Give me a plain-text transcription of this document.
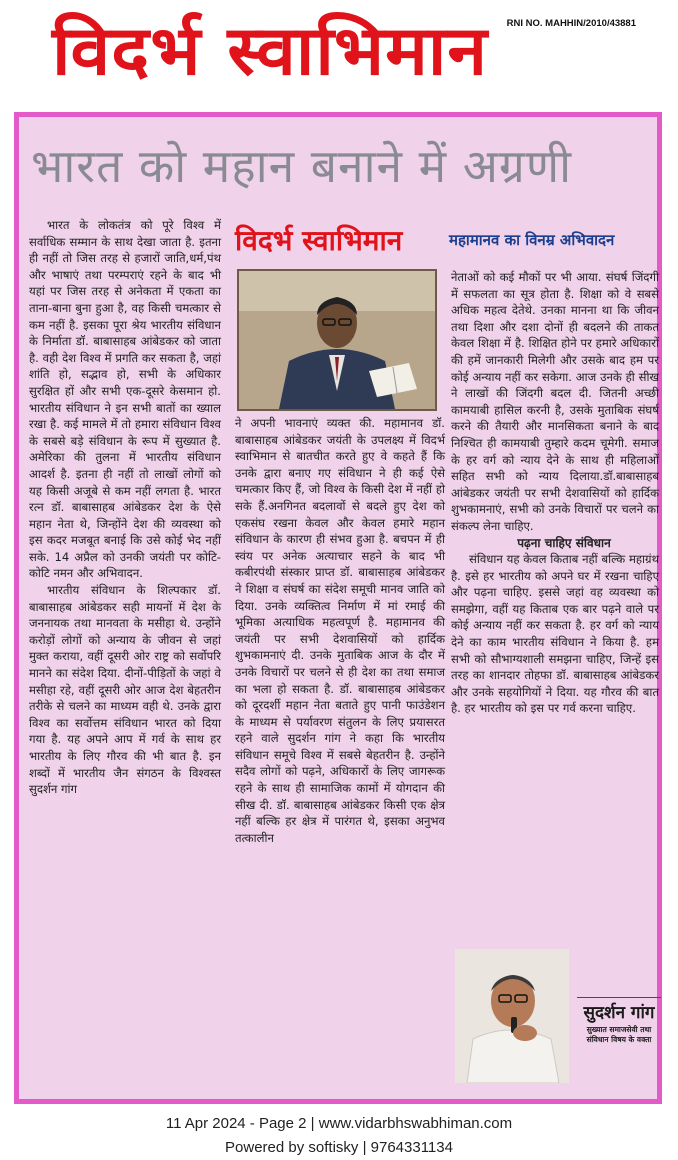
विदर्भ स्वाभिमान RNI NO. MAHHIN/2010/43881
भारत को महान बनाने में अग्रणी

भारत के लोकतंत्र को पूरे विश्व में सर्वाधिक सम्मान के साथ देखा जाता है. इतना ही नहीं तो जिस तरह से हजारों जाति,धर्म,पंथ और भाषाएं तथा परम्पराएं रहने के बाद भी यहां पर जिस तरह से अनेकता में एकता का ताना-बाना बुना हुआ है, वह किसी चमत्कार से कम नहीं है. इसका पूरा श्रेय भारतीय संविधान के निर्माता डॉ. बाबासाहब आंबेडकर को जाता है. वही देश विश्व में प्रगति कर सकता है, जहां शांति हो, सद्भाव हो, सभी के अधिकार सुरक्षित हों और सभी एक-दूसरे केसमान हो. भारतीय संविधान ने इन सभी बातों का ख्याल रखा है. कई मामले में तो हमारा संविधान विश्व के सबसे बड़े संविधान के रूप में सुख्यात है. अमेरिका की तुलना में भारतीय संविधान आदर्श है. इतना ही नहीं तो लाखों लोगों को यह किसी अजूबे से कम नहीं लगता है. भारत रत्न डॉ. बाबासाहब आंबेडकर देश के ऐसे महान नेता थे, जिन्होंने देश की व्यवस्था को इस कदर मजबूत बनाई कि उसे कोई भेद नहीं सके. 14 अप्रैल को उनकी जयंती पर कोटि-कोटि नमन और अभिवादन.

भारतीय संविधान के शिल्पकार डॉ. बाबासाहब आंबेडकर सही मायनों में देश के जननायक तथा मानवता के मसीहा थे. उन्होंने करोड़ों लोगों को अन्याय के जीवन से जहां मुक्त कराया, वहीं दूसरी ओर राष्ट्र को सर्वोपरि मानने का संदेश दिया. दीनों-पीड़ितों के जहां वे मसीहा रहे, वहीं दूसरी ओर आज देश बेहतरीन तरीके से चलने का माध्यम वही थे. उनके द्वारा विश्व का सर्वोत्तम संविधान भारत को दिया गया है. यह अपने आप में गर्व के साथ हर भारतीय के लिए गौरव की भी बात है. इन शब्दों में भारतीय जैन संगठन के विश्वस्त सुदर्शन गांग

विदर्भ स्वाभिमान	महामानव का विनम्र अभिवादन

ने अपनी भावनाएं व्यक्त की. महामानव डॉ. बाबासाहब आंबेडकर जयंती के उपलक्ष्य में विदर्भ स्वाभिमान से बातचीत करते हुए वे कहते हैं कि उनके द्वारा बनाए गए संविधान ने ही कई ऐसे चमत्कार किए हैं, जो विश्व के किसी देश में नहीं हो सके हैं.अनगिनत बदलावों से बदले हुए देश को एकसंघ रखना केवल और केवल हमारे महान संविधान के कारण ही संभव हुआ है. बचपन में ही स्वंय पर अनेक अत्याचार सहने के बाद भी कबीरपंथी संस्कार प्राप्त डॉ. बाबासाहब आंबेडकर ने शिक्षा व संघर्ष का संदेश समूची मानव जाति को दिया. उनके व्यक्तित्व निर्माण में मां रमाई की भूमिका अत्याधिक महत्वपूर्ण है. महामानव की जयंती पर सभी देशवासियों को हार्दिक शुभकामनाएं दी. उनके मुताबिक आज के दौर में उनके विचारों पर चलने से ही देश का तथा समाज का भला हो सकता है. डॉ. बाबासाहब आंबेडकर को दूरदर्शी महान नेता बताते हुए पानी फाउंडेशन के माध्यम से पर्यावरण संतुलन के लिए प्रयासरत रहने वाले सुदर्शन गांग ने कहा कि भारतीय संविधान समूचे विश्व में सबसे बेहतरीन है. उन्होंने सदैव लोगों को पढ़ने, अधिकारों के लिए जागरूक रहने के साथ ही सामाजिक कामों में योगदान की सीख दी. डॉ. बाबासाहब आंबेडकर किसी एक क्षेत्र नहीं बल्कि हर क्षेत्र में पारंगत थे, इसका अनुभव तत्कालीन

नेताओं को कई मौकों पर भी आया. संघर्ष जिंदगी में सफलता का सूत्र होता है. शिक्षा को वे सबसे अधिक महत्व देतेथे. उनका मानना था कि जीवन तथा दिशा और दशा दोनों ही बदलने की ताकत केवल शिक्षा में है. शिक्षित होने पर हमारे अधिकारों की हमें जानकारी मिलेगी और उसके बाद हम पर कोई अन्याय नहीं कर सकेगा. आज उनके ही सीख ने लाखों की जिंदगी बदल दी. जितनी अच्छी कामयाबी हासिल करनी है, उसके मुताबिक संघर्ष करने की तैयारी और मानसिकता बनाने के बाद निश्चित ही कामयाबी तुम्हारे कदम चूमेगी. समाज के हर वर्ग को न्याय देने के साथ ही महिलाओं सहित सभी को न्याय दिलाया.डॉ.बाबासाहब आंबेडकर जयंती पर सभी देशवासियों को हार्दिक शुभकामनाएं, सभी को उनके विचारों पर चलने का संकल्प लेना चाहिए.

पढ़ना चाहिए संविधान

संविधान यह केवल किताब नहीं बल्कि महाग्रंथ है. इसे हर भारतीय को अपने घर में रखना चाहिए और पढ़ना चाहिए. इससे जहां वह व्यवस्था को समझेगा, वहीं यह किताब एक बार पढ़ने वाले पर कोई अन्याय नहीं कर सकता है. हर वर्ग को न्याय देने का काम भारतीय संविधान ने किया है. हम सभी को सौभाग्यशाली समझना चाहिए, जिन्हें इस तरह का शानदार तोहफा डॉ. बाबासाहब आंबेडकर और उनके सहयोगियों ने दिया. यह गौरव की बात है. हर भारतीय को इस पर गर्व करना चाहिए.

सुदर्शन गांग
सुख्यात समाजसेवी तथा संविधान विषय के वक्ता
11 Apr 2024 - Page 2 | www.vidarbhswabhiman.com
Powered by softisky | 9764331134
